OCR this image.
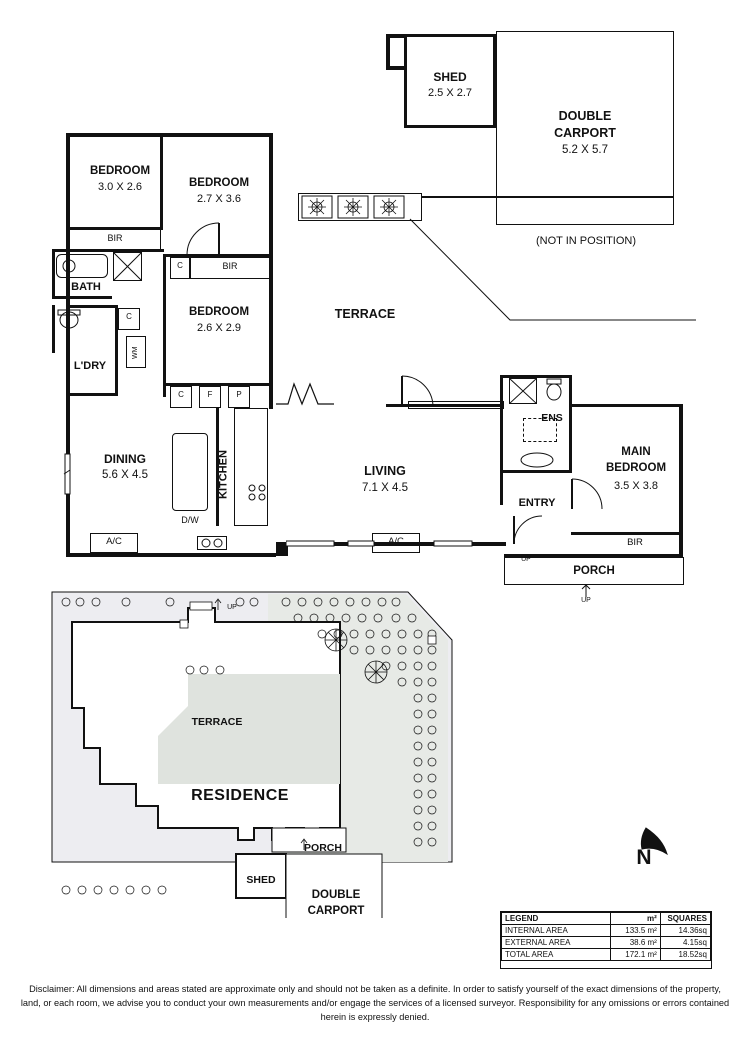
SHED
2.5 X 2.7
DOUBLE
CARPORT
5.2 X 5.7
(NOT IN POSITION)
BEDROOM
3.0 X 2.6
BIR
BEDROOM
2.7 X 3.6
C	BIR
BATH
L'DRY
C
WM
BEDROOM
2.6 X 2.9
C	F	P
DINING
5.6 X 4.5	KITCHEN
D/W
A/C
TERRACE
LIVING
7.1 X 4.5
ENS
ENTRY
MAIN
BEDROOM
3.5 X 3.8
BIR
PORCH
UP
UP
UP
TERRACE
RESIDENCE
PORCH
SHED
DOUBLE
CARPORT
N
LEGEND	m²	SQUARES
INTERNAL AREA	133.5 m²	14.36sq
EXTERNAL AREA	38.6 m²	4.15sq
TOTAL AREA	172.1 m²	18.52sq
Disclaimer: All dimensions and areas stated are approximate only and should not be taken as a definite. In order to satisfy yourself of the exact dimensions of the property, land, or each room, we advise you to conduct your own measurements and/or engage the services of a licensed surveyor. Responsibility for any omissions or errors contained herein is expressly denied.
